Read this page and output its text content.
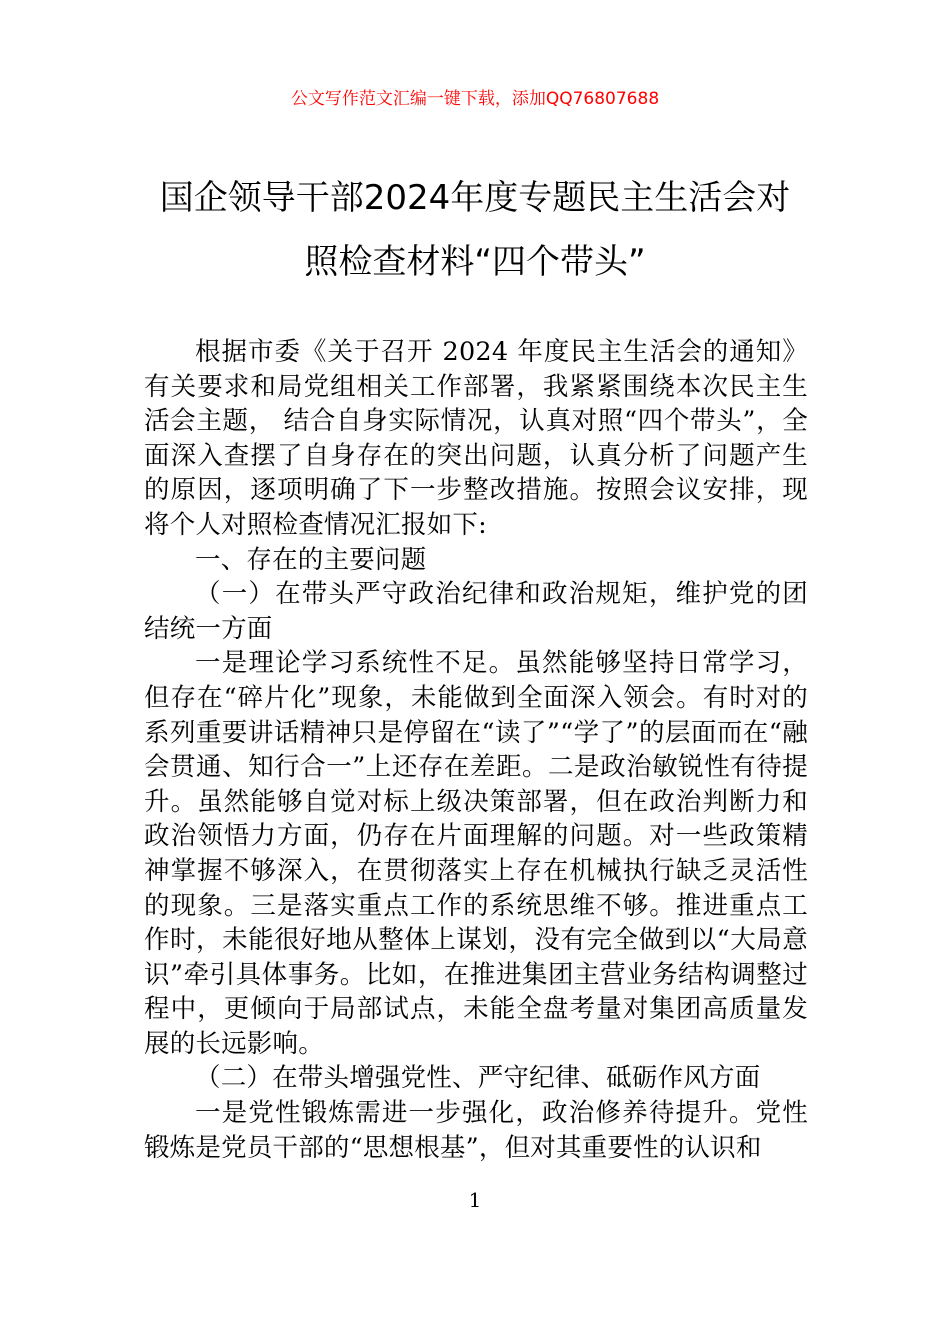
公文写作范文汇编一键下载，添加QQ76807688
国企领导干部2024年度专题民主生活会对
照检查材料“四个带头”

根据市委《关于召开 2024 年度民主生活会的通知》有关要求和局党组相关工作部署，我紧紧围绕本次民主生活会主题， 结合自身实际情况，认真对照“四个带头”，全面深入查摆了自身存在的突出问题，认真分析了问题产生的原因，逐项明确了下一步整改措施。按照会议安排，现将个人对照检查情况汇报如下:

一、存在的主要问题

（一）在带头严守政治纪律和政治规矩，维护党的团结统一方面

一是理论学习系统性不足。虽然能够坚持日常学习，但存在“碎片化”现象，未能做到全面深入领会。有时对的系列重要讲话精神只是停留在“读了”“学了”的层面而在“融会贯通、知行合一”上还存在差距。二是政治敏锐性有待提升。虽然能够自觉对标上级决策部署，但在政治判断力和政治领悟力方面，仍存在片面理解的问题。对一些政策精神掌握不够深入，在贯彻落实上存在机械执行缺乏灵活性的现象。三是落实重点工作的系统思维不够。推进重点工作时，未能很好地从整体上谋划，没有完全做到以“大局意识”牵引具体事务。比如，在推进集团主营业务结构调整过程中，更倾向于局部试点，未能全盘考量对集团高质量发展的长远影响。

（二）在带头增强党性、严守纪律、砥砺作风方面

一是党性锻炼需进一步强化，政治修养待提升。党性锻炼是党员干部的“思想根基”，但对其重要性的认识和

1
